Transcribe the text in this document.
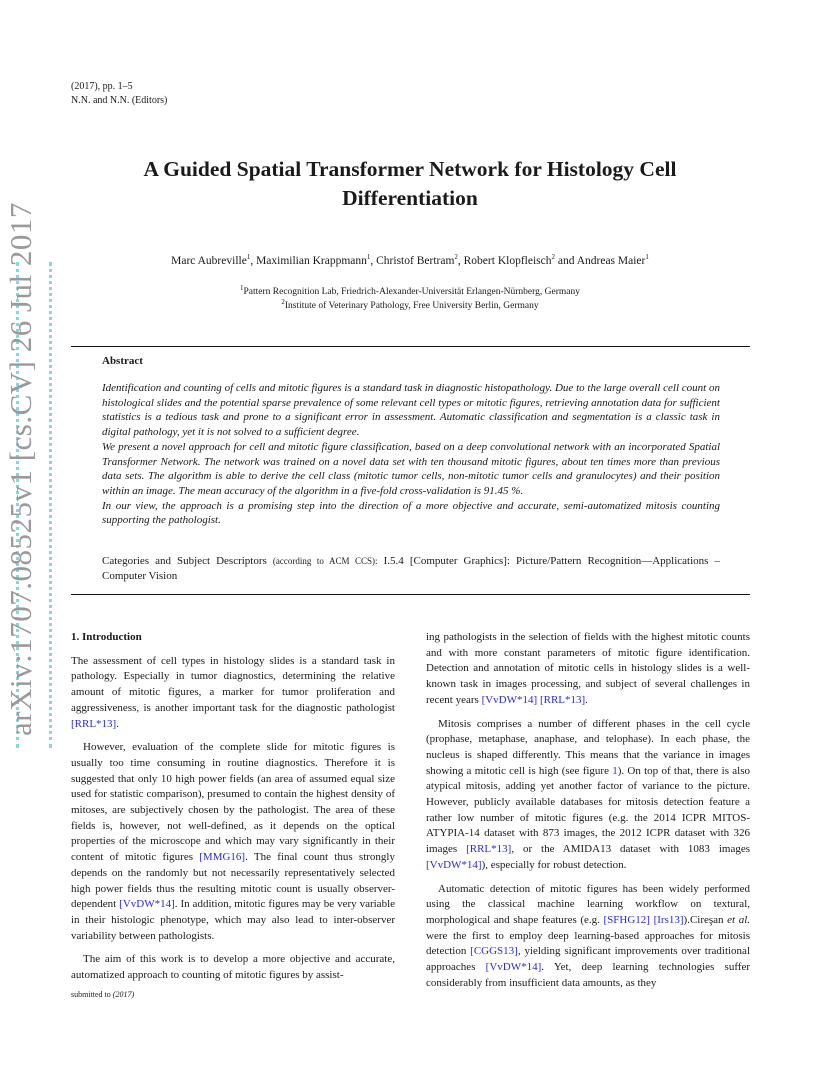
(2017), pp. 1–5
N.N. and N.N. (Editors)
A Guided Spatial Transformer Network for Histology Cell
Differentiation
Marc Aubreville$^1$, Maximilian Krappmann$^1$, Christof Bertram$^2$, Robert Klopfleisch$^2$ and Andreas Maier$^1$
$^1$Pattern Recognition Lab, Friedrich-Alexander-Universität Erlangen-Nürnberg, Germany
$^2$Institute of Veterinary Pathology, Free University Berlin, Germany
Abstract

Identification and counting of cells and mitotic figures is a standard task in diagnostic histopathology. Due to the large overall cell count on histological slides and the potential sparse prevalence of some relevant cell types or mitotic figures, retrieving annotation data for sufficient statistics is a tedious task and prone to a significant error in assessment. Automatic classification and segmentation is a classic task in digital pathology, yet it is not solved to a sufficient degree.

We present a novel approach for cell and mitotic figure classification, based on a deep convolutional network with an incorporated Spatial Transformer Network. The network was trained on a novel data set with ten thousand mitotic figures, about ten times more than previous data sets. The algorithm is able to derive the cell class (mitotic tumor cells, non-mitotic tumor cells and granulocytes) and their position within an image. The mean accuracy of the algorithm in a five-fold cross-validation is 91.45 %.

In our view, the approach is a promising step into the direction of a more objective and accurate, semi-automatized mitosis counting supporting the pathologist.

Categories and Subject Descriptors (according to ACM CCS): I.5.4 [Computer Graphics]: Picture/Pattern Recognition—Applications – Computer Vision
1. Introduction

The assessment of cell types in histology slides is a standard task in pathology. Especially in tumor diagnostics, determining the relative amount of mitotic figures, a marker for tumor proliferation and aggressiveness, is another important task for the diagnostic pathologist [RRL*13].

However, evaluation of the complete slide for mitotic figures is usually too time consuming in routine diagnostics. Therefore it is suggested that only 10 high power fields (an area of assumed equal size used for statistic comparison), presumed to contain the highest density of mitoses, are subjectively chosen by the pathologist. The area of these fields is, however, not well-defined, as it depends on the optical properties of the microscope and which may vary significantly in their content of mitotic figures [MMG16]. The final count thus strongly depends on the randomly but not necessarily representatively selected high power fields thus the resulting mitotic count is usually observer-dependent [VvDW*14]. In addition, mitotic figures may be very variable in their histologic phenotype, which may also lead to inter-observer variability between pathologists.

The aim of this work is to develop a more objective and accurate, automatized approach to counting of mitotic figures by assist-

ing pathologists in the selection of fields with the highest mitotic counts and with more constant parameters of mitotic figure identification. Detection and annotation of mitotic cells in histology slides is a well-known task in images processing, and subject of several challenges in recent years [VvDW*14] [RRL*13].

Mitosis comprises a number of different phases in the cell cycle (prophase, metaphase, anaphase, and telophase). In each phase, the nucleus is shaped differently. This means that the variance in images showing a mitotic cell is high (see figure 1). On top of that, there is also atypical mitosis, adding yet another factor of variance to the picture. However, publicly available databases for mitosis detection feature a rather low number of mitotic figures (e.g. the 2014 ICPR MITOS-ATYPIA-14 dataset with 873 images, the 2012 ICPR dataset with 326 images [RRL*13], or the AMIDA13 dataset with 1083 images [VvDW*14]), especially for robust detection.

Automatic detection of mitotic figures has been widely performed using the classical machine learning workflow on textural, morphological and shape features (e.g. [SFHG12] [Irs13]).Cireşan et al. were the first to employ deep learning-based approaches for mitosis detection [CGGS13], yielding significant improvements over traditional approaches [VvDW*14]. Yet, deep learning technologies suffer considerably from insufficient data amounts, as they

submitted to (2017)
arXiv:1707.08525v1 [cs.CV] 26 Jul 2017
